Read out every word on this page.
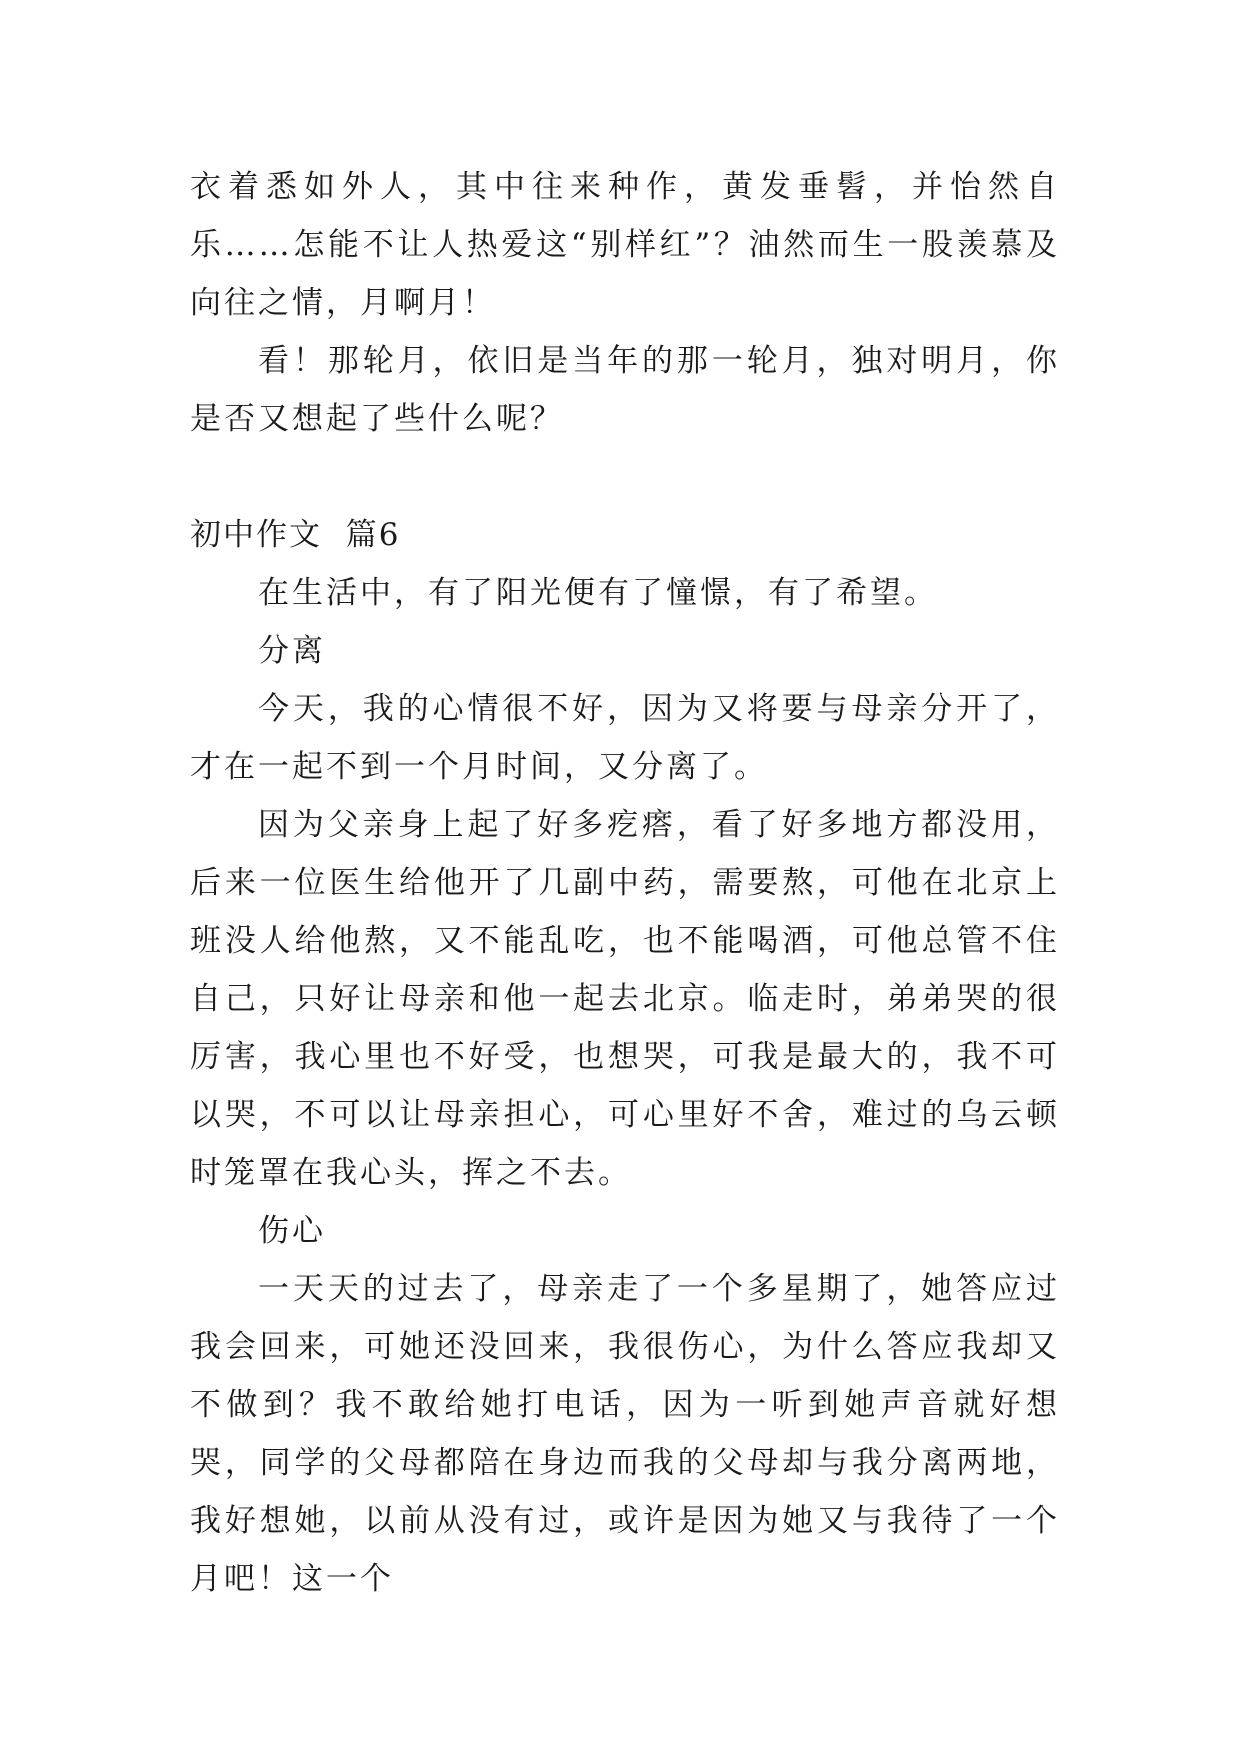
衣着悉如外人，其中往来种作，黄发垂髫，并怡然自乐……怎能不让人热爱这“别样红”？油然而生一股羡慕及向往之情，月啊月！

看！那轮月，依旧是当年的那一轮月，独对明月，你是否又想起了些什么呢？

初中作文  篇6

在生活中，有了阳光便有了憧憬，有了希望。

分离

今天，我的心情很不好，因为又将要与母亲分开了，才在一起不到一个月时间，又分离了。

因为父亲身上起了好多疙瘩，看了好多地方都没用，后来一位医生给他开了几副中药，需要熬，可他在北京上班没人给他熬，又不能乱吃，也不能喝酒，可他总管不住自己，只好让母亲和他一起去北京。临走时，弟弟哭的很厉害，我心里也不好受，也想哭，可我是最大的，我不可以哭，不可以让母亲担心，可心里好不舍，难过的乌云顿时笼罩在我心头，挥之不去。

伤心

一天天的过去了，母亲走了一个多星期了，她答应过我会回来，可她还没回来，我很伤心，为什么答应我却又不做到？我不敢给她打电话，因为一听到她声音就好想哭，同学的父母都陪在身边而我的父母却与我分离两地，我好想她，以前从没有过，或许是因为她又与我待了一个月吧！这一个
